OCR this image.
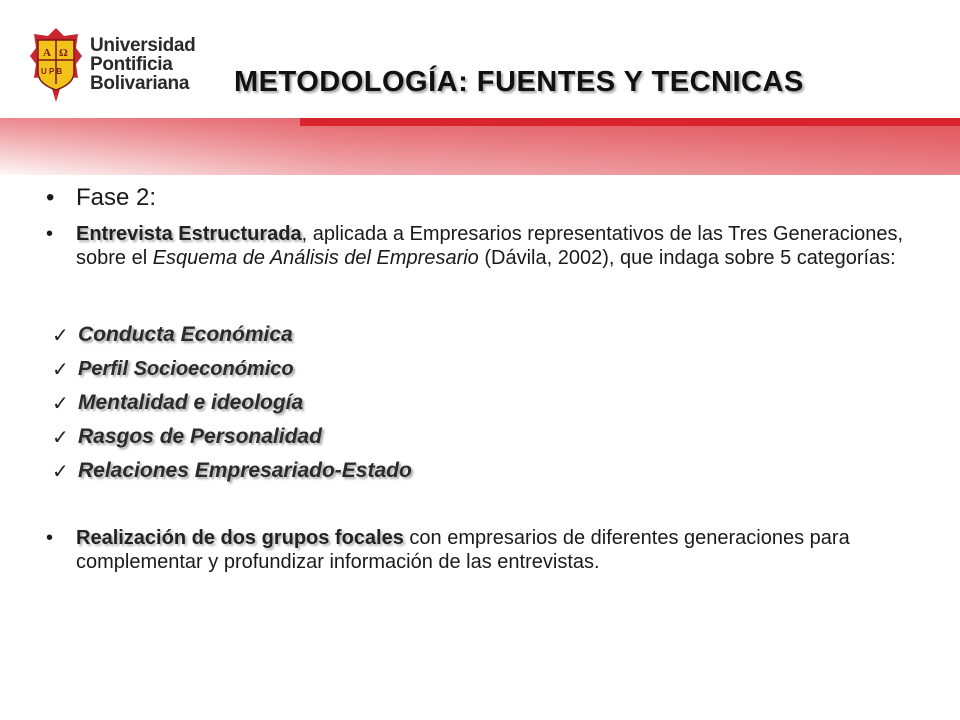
A Ω
U P B
Universidad
Pontificia
Bolivariana METODOLOGÍA: FUENTES Y TECNICAS
• Fase 2:
•	Entrevista Estructurada, aplicada a Empresarios representativos de las Tres Generaciones, sobre el Esquema de Análisis del Empresario (Dávila, 2002), que indaga sobre 5 categorías:
✓ Conducta Económica
✓ Perfil Socioeconómico
✓ Mentalidad e ideología
✓ Rasgos de Personalidad
✓ Relaciones Empresariado-Estado
•	Realización de dos grupos focales con empresarios de diferentes generaciones para complementar y profundizar información de las entrevistas.
